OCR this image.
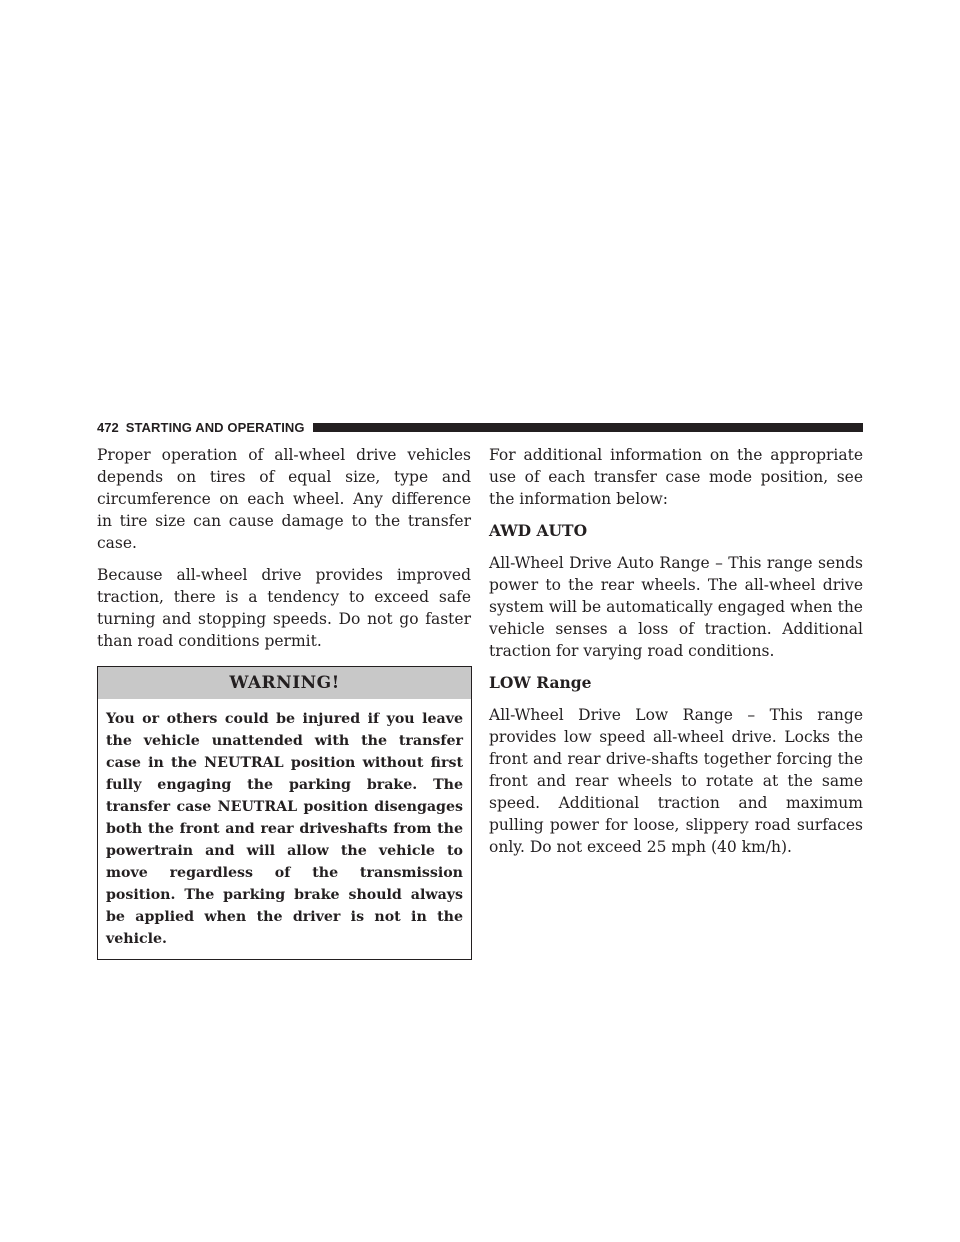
472 STARTING AND OPERATING

Proper operation of all-wheel drive vehicles depends on tires of equal size, type and circumference on each wheel. Any difference in tire size can cause damage to the transfer case.

Because all-wheel drive provides improved traction, there is a tendency to exceed safe turning and stopping speeds. Do not go faster than road conditions permit.

WARNING!

You or others could be injured if you leave the vehicle unattended with the transfer case in the NEUTRAL position without first fully engaging the parking brake. The transfer case NEUTRAL position disengages both the front and rear driveshafts from the powertrain and will allow the vehicle to move regardless of the transmission position. The parking brake should always be applied when the driver is not in the vehicle.

For additional information on the appropriate use of each transfer case mode position, see the information below:

AWD AUTO

All-Wheel Drive Auto Range – This range sends power to the rear wheels. The all-wheel drive system will be automatically engaged when the vehicle senses a loss of traction. Additional traction for varying road conditions.

LOW Range

All-Wheel Drive Low Range – This range provides low speed all-wheel drive. Locks the front and rear drive-shafts together forcing the front and rear wheels to rotate at the same speed. Additional traction and maximum pulling power for loose, slippery road surfaces only. Do not exceed 25 mph (40 km/h).
